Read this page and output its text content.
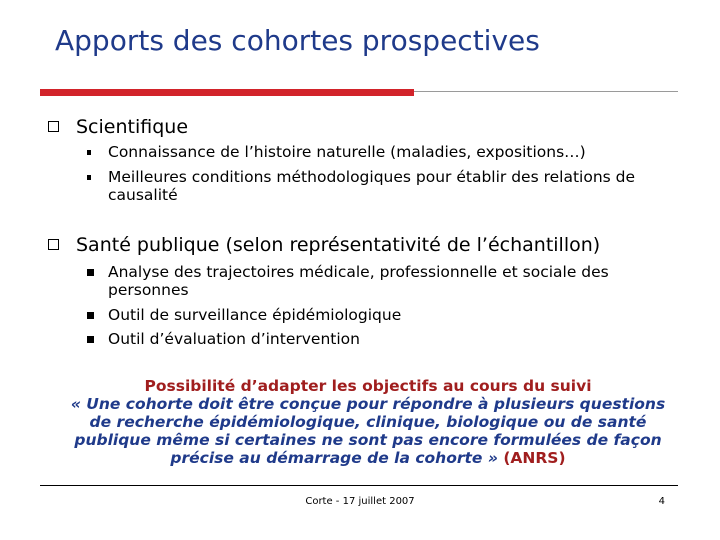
Apports des cohortes prospectives
Scientifique
Connaissance de l’histoire naturelle (maladies, expositions…)
Meilleures conditions méthodologiques pour établir des relations de causalité
Santé publique (selon représentativité de l’échantillon)
Analyse des trajectoires médicale, professionnelle et sociale des personnes
Outil de surveillance épidémiologique
Outil d’évaluation d’intervention
Possibilité d’adapter les objectifs au cours du suivi
« Une cohorte doit être conçue pour répondre à plusieurs questions de recherche épidémiologique, clinique, biologique ou de santé publique même si certaines ne sont pas encore formulées de façon précise au démarrage de la cohorte » (ANRS)
Corte - 17 juillet 2007	4
